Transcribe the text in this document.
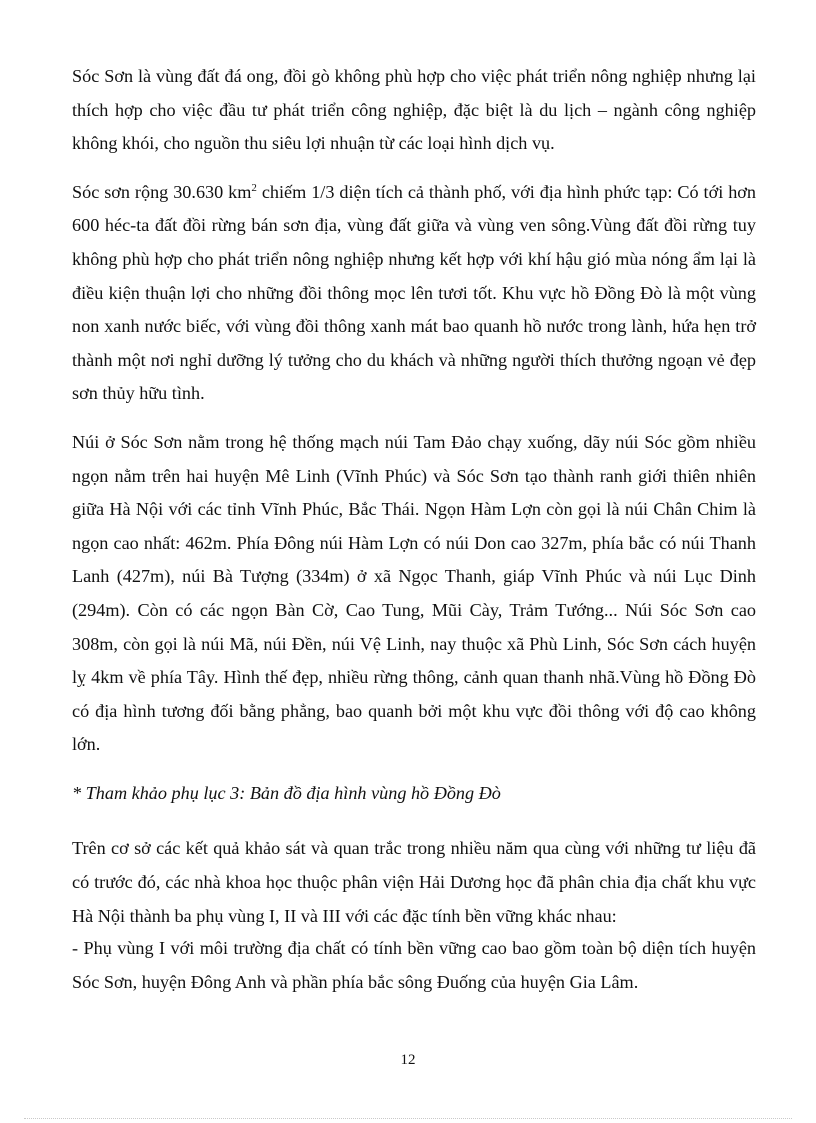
Sóc Sơn là vùng đất đá ong, đồi gò không phù hợp cho việc phát triển nông nghiệp nhưng lại thích hợp cho việc đầu tư phát triển công nghiệp, đặc biệt là du lịch – ngành công nghiệp không khói, cho nguồn thu siêu lợi nhuận từ các loại hình dịch vụ.

Sóc sơn rộng 30.630 $km^2$ chiếm 1/3 diện tích cả thành phố, với địa hình phức tạp: Có tới hơn 600 héc-ta đất đồi rừng bán sơn địa, vùng đất giữa và vùng ven sông.Vùng đất đồi rừng tuy không phù hợp cho phát triển nông nghiệp nhưng kết hợp với khí hậu gió mùa nóng ẩm lại là điều kiện thuận lợi cho những đồi thông mọc lên tươi tốt. Khu vực hồ Đồng Đò là một vùng non xanh nước biếc, với vùng đồi thông xanh mát bao quanh hồ nước trong lành, hứa hẹn trở thành một nơi nghỉ dưỡng lý tưởng cho du khách và những người thích thưởng ngoạn vẻ đẹp sơn thủy hữu tình.

Núi ở Sóc Sơn nằm trong hệ thống mạch núi Tam Đảo chạy xuống, dãy núi Sóc gồm nhiều ngọn nằm trên hai huyện Mê Linh (Vĩnh Phúc) và Sóc Sơn tạo thành ranh giới thiên nhiên giữa Hà Nội với các tỉnh Vĩnh Phúc, Bắc Thái. Ngọn Hàm Lợn còn gọi là núi Chân Chim là ngọn cao nhất: 462m. Phía Đông núi Hàm Lợn có núi Don cao 327m, phía bắc có núi Thanh Lanh (427m), núi Bà Tượng (334m) ở xã Ngọc Thanh, giáp Vĩnh Phúc và núi Lục Dinh (294m). Còn có các ngọn Bàn Cờ, Cao Tung, Mũi Cày, Trảm Tướng... Núi Sóc Sơn cao 308m, còn gọi là núi Mã, núi Đền, núi Vệ Linh, nay thuộc xã Phù Linh, Sóc Sơn cách huyện lỵ 4km về phía Tây. Hình thế đẹp, nhiều rừng thông, cảnh quan thanh nhã.Vùng hồ Đồng Đò có địa hình tương đối bằng phẳng, bao quanh bởi một khu vực đồi thông với độ cao không lớn.

* Tham khảo phụ lục 3: Bản đồ địa hình vùng hồ Đồng Đò

Trên cơ sở các kết quả khảo sát và quan trắc trong nhiều năm qua cùng với những tư liệu đã có trước đó, các nhà khoa học thuộc phân viện Hải Dương học đã phân chia địa chất khu vực Hà Nội thành ba phụ vùng I, II và III với các đặc tính bền vững khác nhau:

- Phụ vùng I với môi trường địa chất có tính bền vững cao bao gồm toàn bộ diện tích huyện Sóc Sơn, huyện Đông Anh và phần phía bắc sông Đuống của huyện Gia Lâm.

12
